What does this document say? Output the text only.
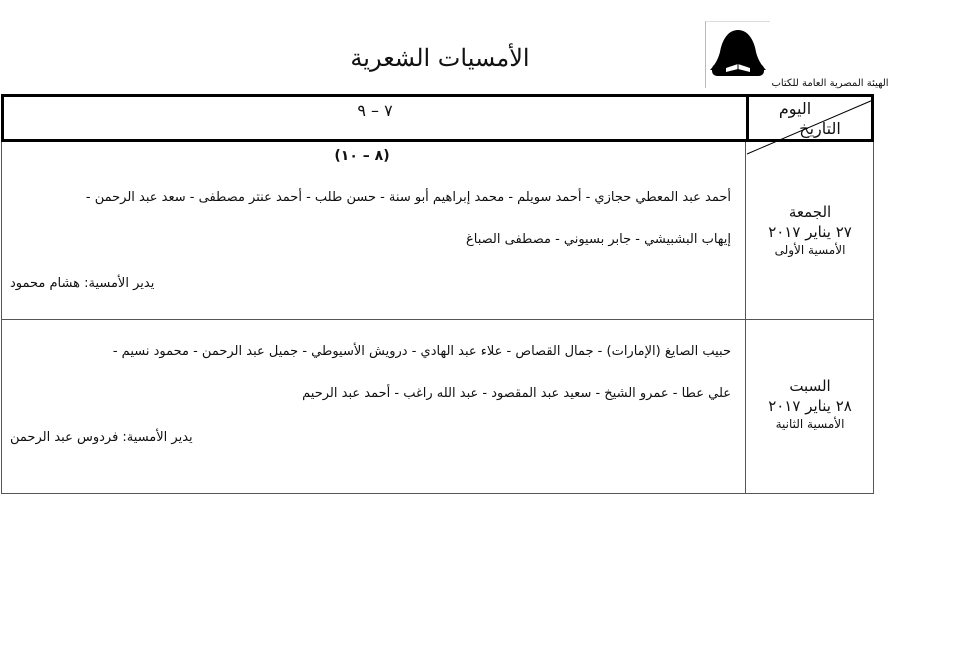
الأمسيات الشعرية
الهيئة المصرية العامة للكتاب
٧ – ٩	اليوم
التاريخ
(٨ – ١٠)
أحمد عبد المعطي حجازي - أحمد سويلم - محمد إبراهيم أبو سنة - حسن طلب - أحمد عنتر مصطفى - سعد عبد الرحمن -
إيهاب البشبيشي - جابر بسيوني - مصطفى الصباغ
يدير الأمسية: هشام محمود
الجمعة
٢٧ يناير ٢٠١٧
الأمسية الأولى
حبيب الصايغ (الإمارات) - جمال القصاص - علاء عبد الهادي - درويش الأسيوطي - جميل عبد الرحمن - محمود نسيم -
علي عطا - عمرو الشيخ - سعيد عبد المقصود - عبد الله راغب - أحمد عبد الرحيم
يدير الأمسية: فردوس عبد الرحمن
السبت
٢٨ يناير ٢٠١٧
الأمسية الثانية
